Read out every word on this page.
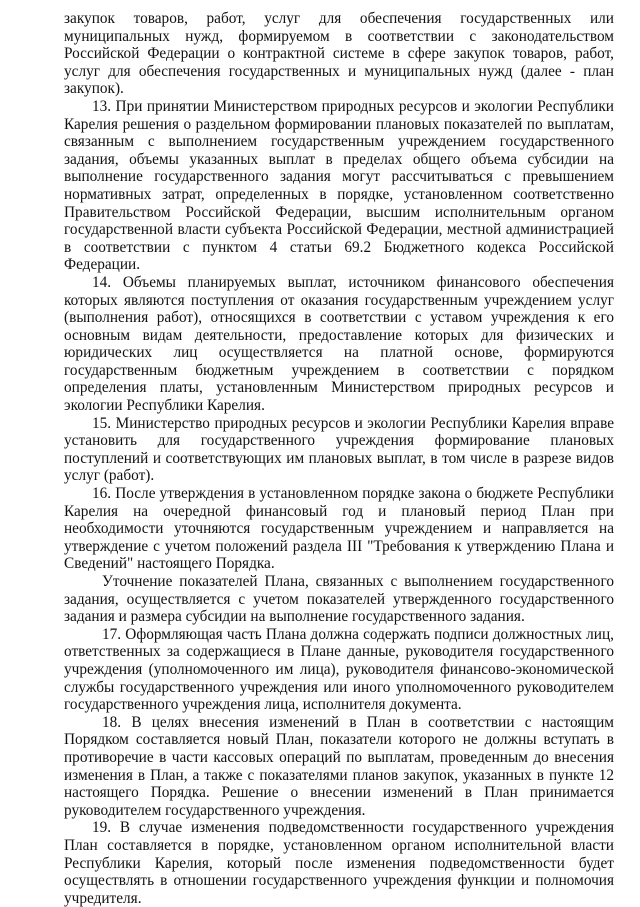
закупок товаров, работ, услуг для обеспечения государственных или муниципальных нужд, формируемом в соответствии с законодательством Российской Федерации о контрактной системе в сфере закупок товаров, работ, услуг для обеспечения государственных и муниципальных нужд (далее - план закупок).

13. При принятии Министерством природных ресурсов и экологии Республики Карелия решения о раздельном формировании плановых показателей по выплатам, связанным с выполнением государственным учреждением государственного задания, объемы указанных выплат в пределах общего объема субсидии на выполнение государственного задания могут рассчитываться с превышением нормативных затрат, определенных в порядке, установленном соответственно Правительством Российской Федерации, высшим исполнительным органом государственной власти субъекта Российской Федерации, местной администрацией в соответствии с пунктом 4 статьи 69.2 Бюджетного кодекса Российской Федерации.

14. Объемы планируемых выплат, источником финансового обеспечения которых являются поступления от оказания государственным учреждением услуг (выполнения работ), относящихся в соответствии с уставом учреждения к его основным видам деятельности, предоставление которых для физических и юридических лиц осуществляется на платной основе, формируются государственным бюджетным учреждением в соответствии с порядком определения платы, установленным Министерством природных ресурсов и экологии Республики Карелия.

15. Министерство природных ресурсов и экологии Республики Карелия вправе установить для государственного учреждения формирование плановых поступлений и соответствующих им плановых выплат, в том числе в разрезе видов услуг (работ).

16. После утверждения в установленном порядке закона о бюджете Республики Карелия на очередной финансовый год и плановый период План при необходимости уточняются государственным учреждением и направляется на утверждение с учетом положений раздела III "Требования к утверждению Плана и Сведений" настоящего Порядка.

Уточнение показателей Плана, связанных с выполнением государственного задания, осуществляется с учетом показателей утвержденного государственного задания и размера субсидии на выполнение государственного задания.

17. Оформляющая часть Плана должна содержать подписи должностных лиц, ответственных за содержащиеся в Плане данные, руководителя государственного учреждения (уполномоченного им лица), руководителя финансово-экономической службы государственного учреждения или иного уполномоченного руководителем государственного учреждения лица, исполнителя документа.

18. В целях внесения изменений в План в соответствии с настоящим Порядком составляется новый План, показатели которого не должны вступать в противоречие в части кассовых операций по выплатам, проведенным до внесения изменения в План, а также с показателями планов закупок, указанных в пункте 12 настоящего Порядка. Решение о внесении изменений в План принимается руководителем государственного учреждения.

19. В случае изменения подведомственности государственного учреждения План составляется в порядке, установленном органом исполнительной власти Республики Карелия, который после изменения подведомственности будет осуществлять в отношении государственного учреждения функции и полномочия учредителя.
